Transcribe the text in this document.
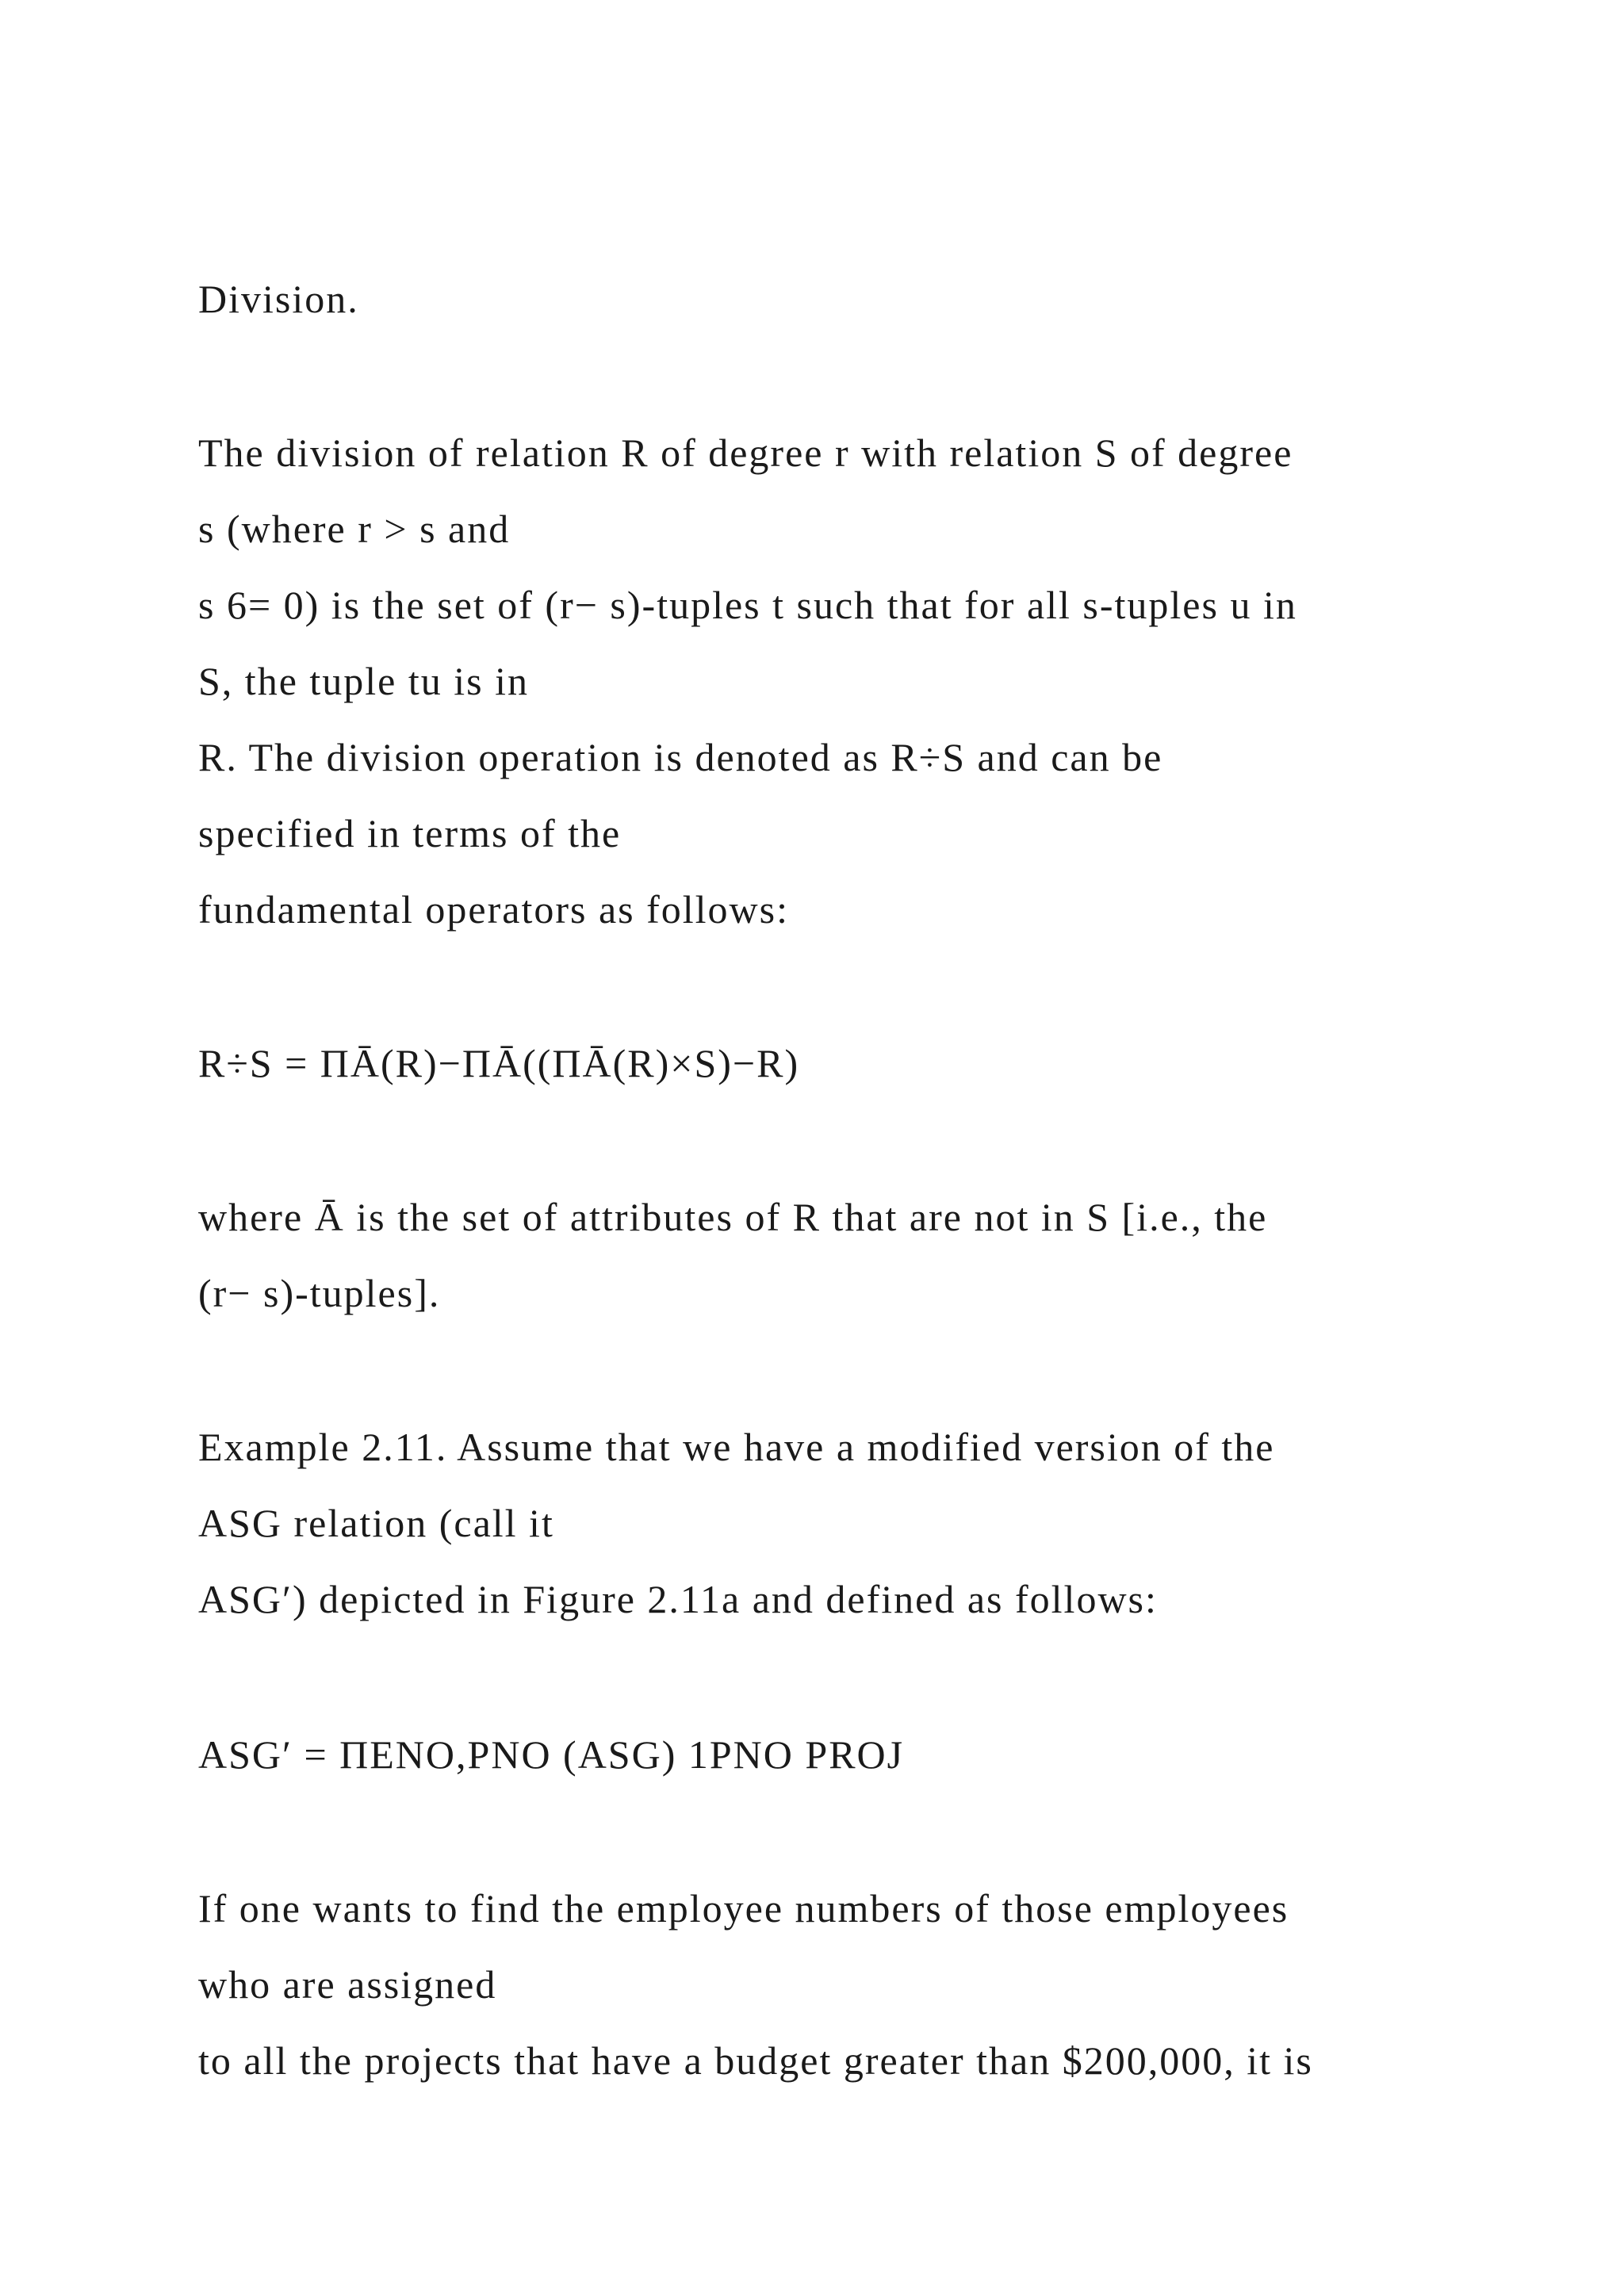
Division.
The division of relation R of degree r with relation S of degree
s (where r > s and
s 6= 0) is the set of (r− s)-tuples t such that for all s-tuples u in
S, the tuple tu is in
R. The division operation is denoted as R÷S and can be
specified in terms of the
fundamental operators as follows:
R÷S = ΠĀ(R)−ΠĀ((ΠĀ(R)×S)−R)
where Ā is the set of attributes of R that are not in S [i.e., the
(r− s)-tuples].
Example 2.11. Assume that we have a modified version of the
ASG relation (call it
ASG′) depicted in Figure 2.11a and defined as follows:
ASG′ = ΠENO,PNO (ASG) 1PNO PROJ
If one wants to find the employee numbers of those employees
who are assigned
to all the projects that have a budget greater than $200,000, it is
